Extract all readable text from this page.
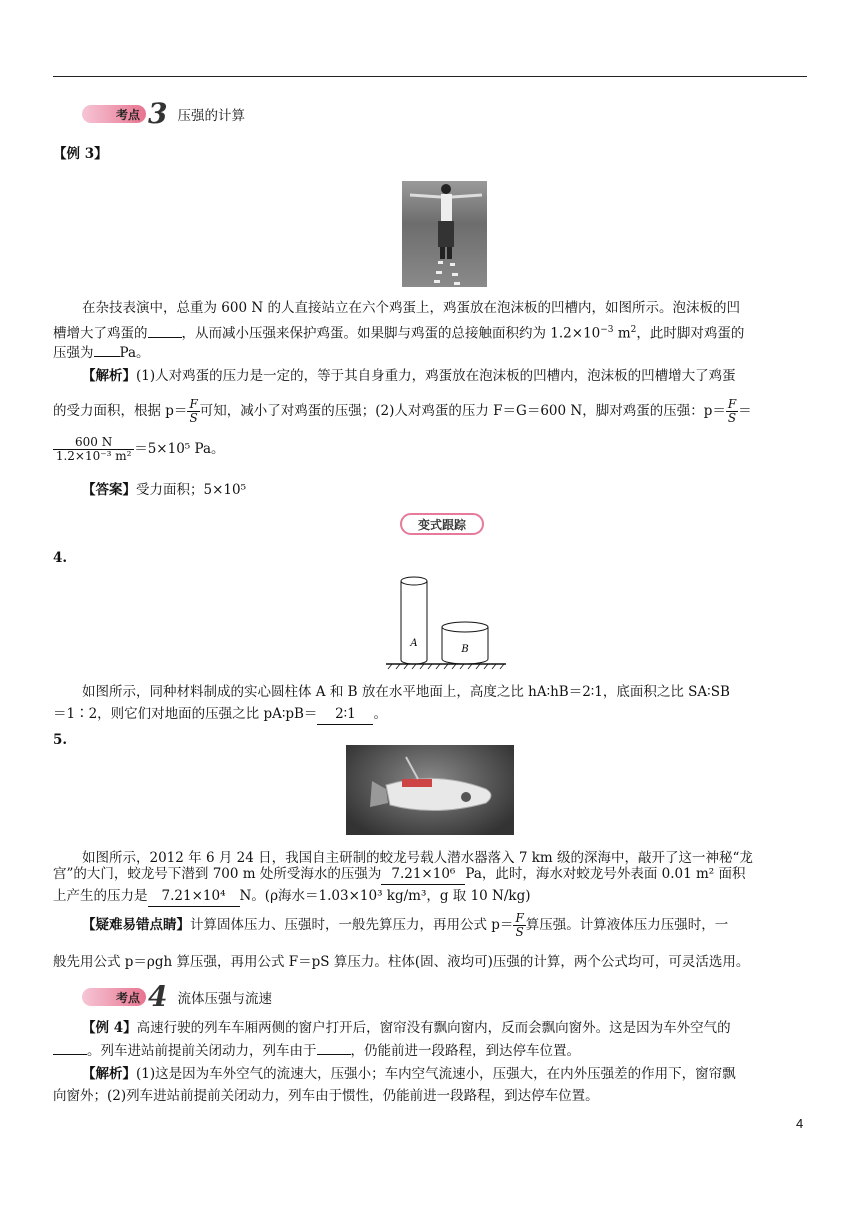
考点 3 压强的计算
【例 3】
在杂技表演中，总重为 600 N 的人直接站立在六个鸡蛋上，鸡蛋放在泡沫板的凹槽内，如图所示。泡沫板的凹
槽增大了鸡蛋的	，从而减小压强来保护鸡蛋。如果脚与鸡蛋的总接触面积约为 $1.2\times 10^{-3}$ $m^2$，此时脚对鸡蛋的
压强为 Pa。
【解析】(1)人对鸡蛋的压力是一定的，等于其自身重力，鸡蛋放在泡沫板的凹槽内，泡沫板的凹槽增大了鸡蛋
的受力面积，根据 $p= \frac{F}{S}$ 可知，减小了对鸡蛋的压强；(2)人对鸡蛋的压力 F＝G＝600 N，脚对鸡蛋的压强：$p= \frac{F}{S}$ ＝
$\frac{600 N}{\text{1.2×10⁻³ m²}} =5\times 10^5$ Pa。
【答案】受力面积；5×10⁵
变式跟踪
4.
A
B
如图所示，同种材料制成的实心圆柱体 A 和 B 放在水平地面上，高度之比 hA∶hB＝2∶1，底面积之比 SA∶SB
＝1∶2，则它们对地面的压强之比 pA∶pB＝ 2∶1 。
5.
如图所示，2012 年 6 月 24 日，我国自主研制的蛟龙号载人潜水器落入 7 km 级的深海中，敲开了这一神秘“龙
宫”的大门，蛟龙号下潜到 700 m 处所受海水的压强为 7.21×10⁶ Pa，此时，海水对蛟龙号外表面 0.01 m² 面积
上产生的压力是 7.21×10⁴ N。(ρ海水＝1.03×10³ kg/m³，g 取 10 N/kg)
【疑难易错点睛】计算固体压力、压强时，一般先算压力，再用公式 $p= \frac{F}{S}$ 算压强。计算液体压力压强时，一
般先用公式 p＝ρgh 算压强，再用公式 F＝pS 算压力。柱体(固、液均可)压强的计算，两个公式均可，可灵活选用。
考点 4 流体压强与流速
【例 4】高速行驶的列车车厢两侧的窗户打开后，窗帘没有飘向窗内，反而会飘向窗外。这是因为车外空气的
。列车进站前提前关闭动力，列车由于	，仍能前进一段路程，到达停车位置。
【解析】(1)这是因为车外空气的流速大，压强小；车内空气流速小，压强大，在内外压强差的作用下，窗帘飘
向窗外；(2)列车进站前提前关闭动力，列车由于惯性，仍能前进一段路程，到达停车位置。
4
